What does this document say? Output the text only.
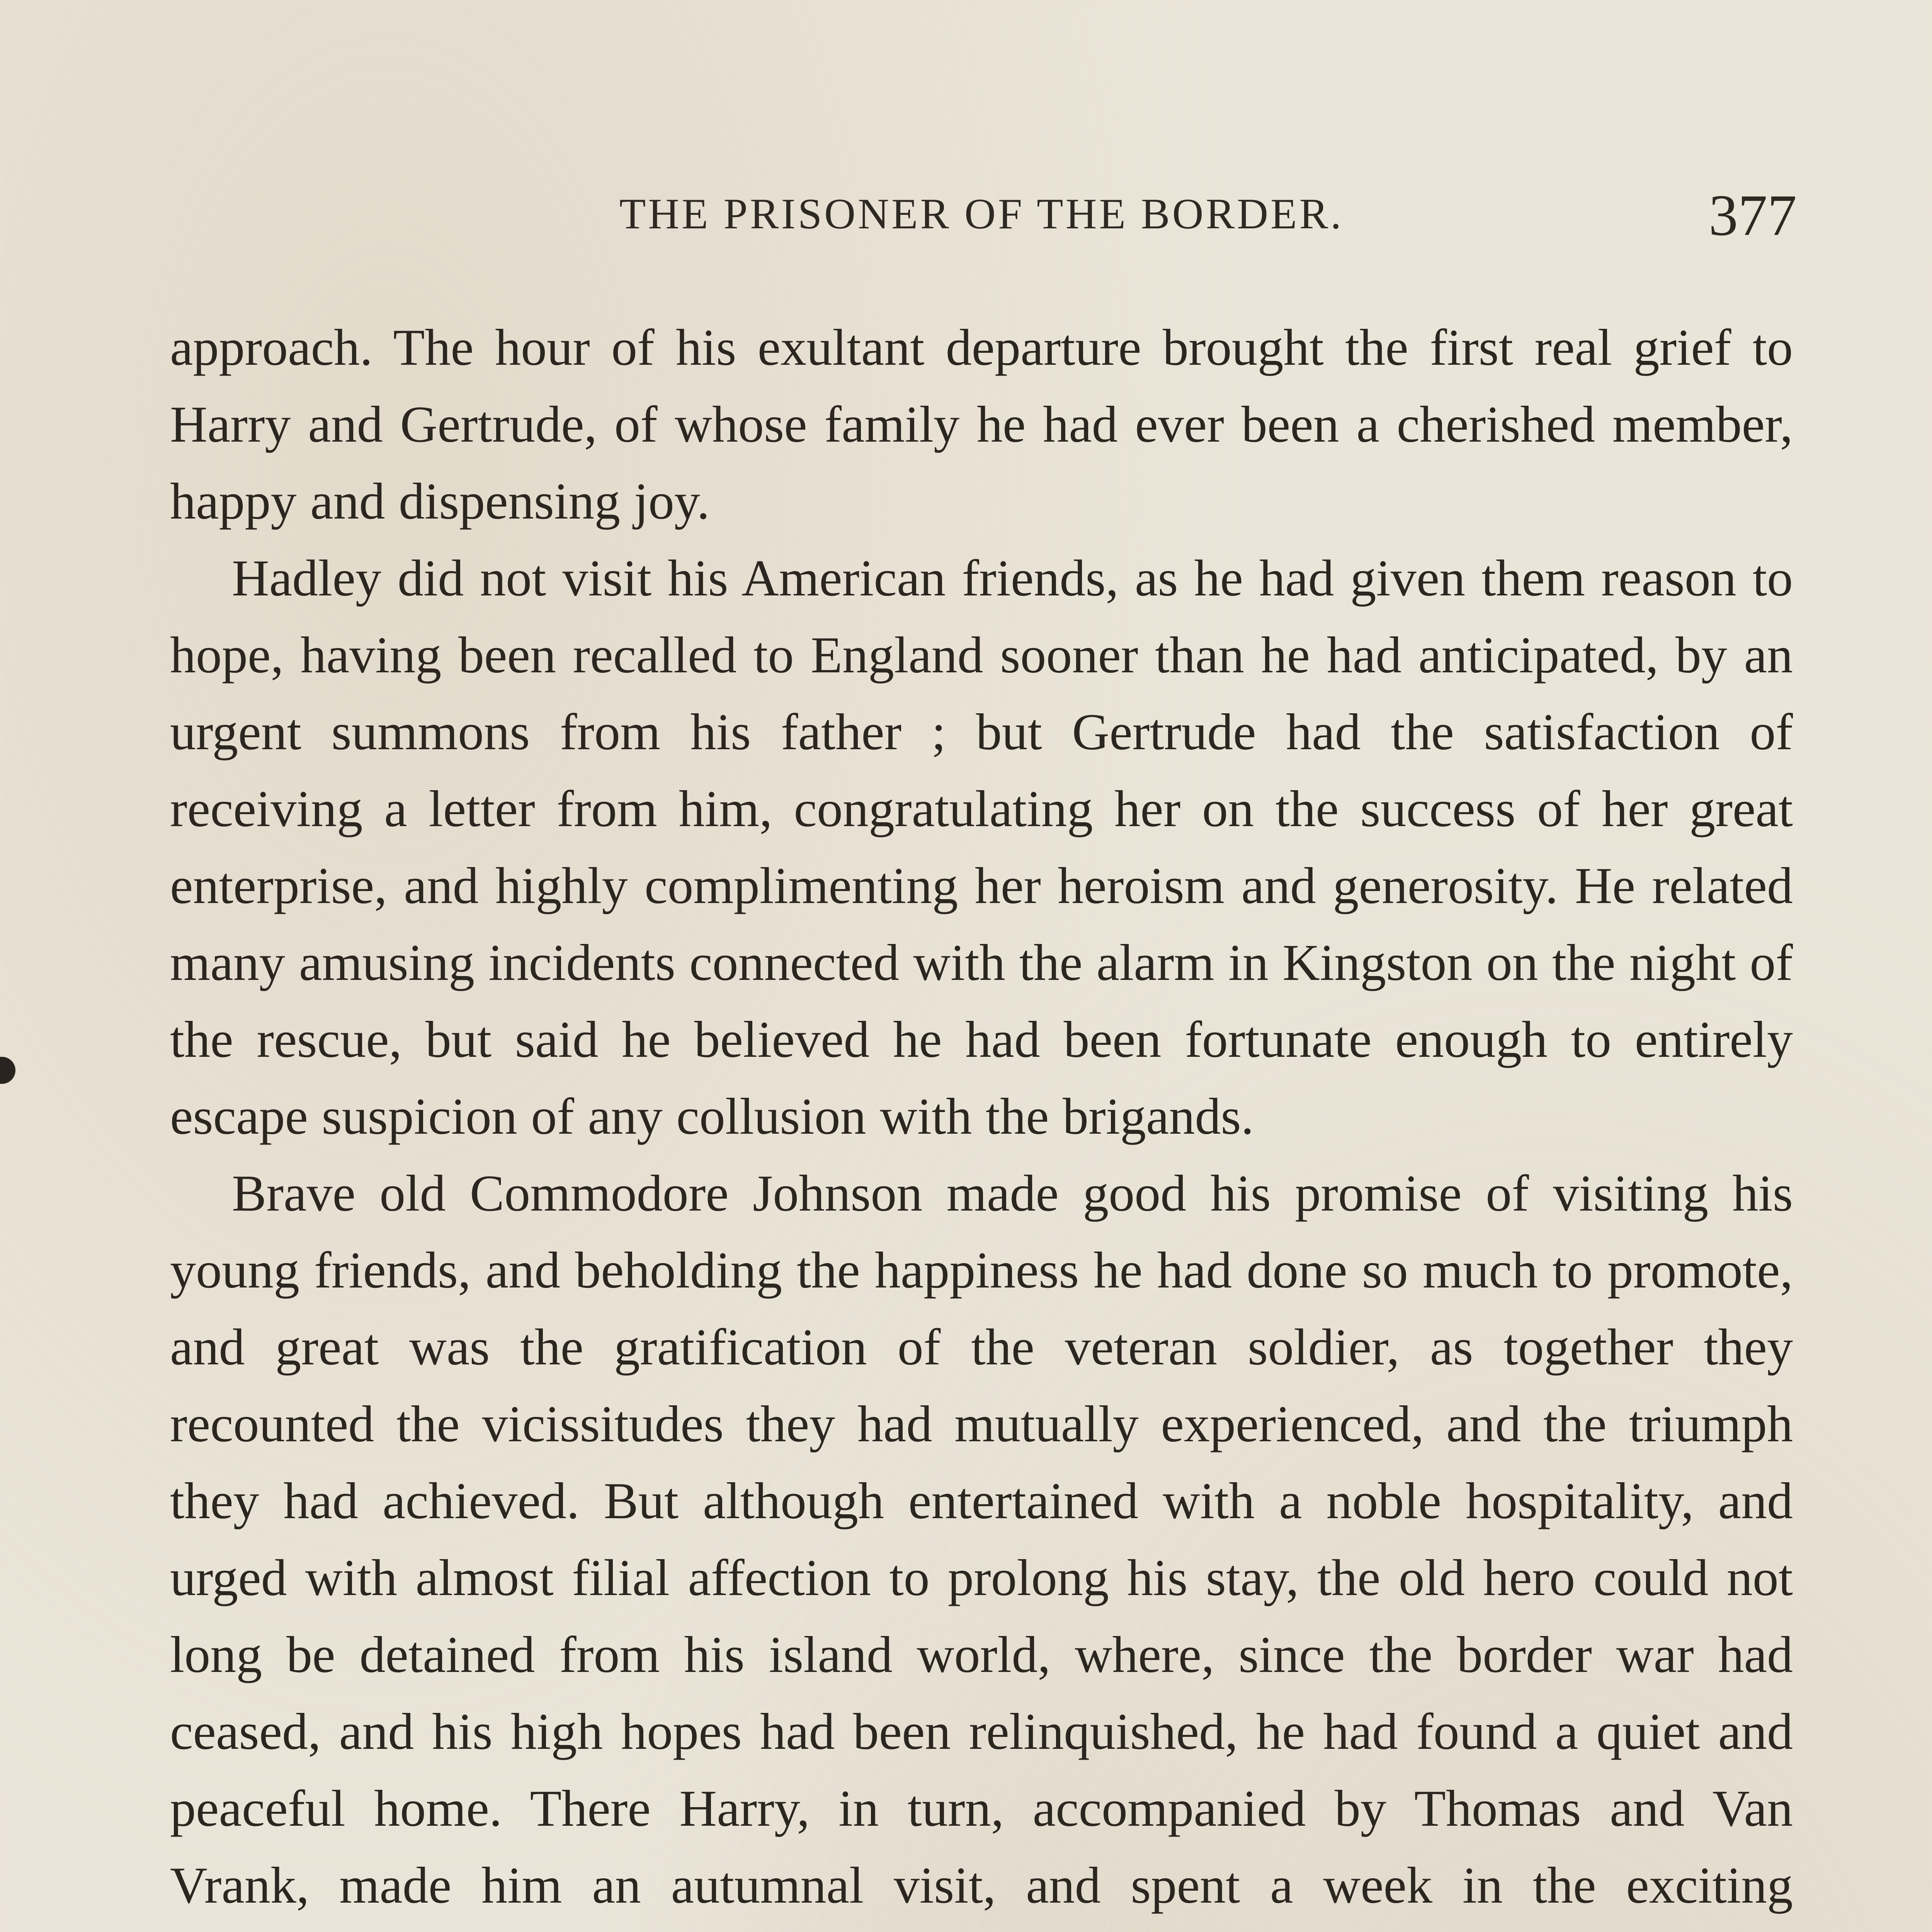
THE PRISONER OF THE BORDER.	377

approach. The hour of his exultant departure brought the first real grief to Harry and Gertrude, of whose family he had ever been a cherished member, happy and dispensing joy.

Hadley did not visit his American friends, as he had given them reason to hope, having been recalled to England sooner than he had anticipated, by an urgent summons from his father ; but Gertrude had the satisfaction of receiving a letter from him, congratulating her on the success of her great enterprise, and highly complimenting her heroism and generosity. He related many amusing incidents connected with the alarm in Kingston on the night of the rescue, but said he believed he had been fortunate enough to entirely escape suspicion of any collusion with the brigands.

Brave old Commodore Johnson made good his promise of visiting his young friends, and beholding the happiness he had done so much to promote, and great was the gratification of the veteran soldier, as together they recounted the vicissitudes they had mutually experienced, and the triumph they had achieved. But although entertained with a noble hospitality, and urged with almost filial affection to prolong his stay, the old hero could not long be detained from his island world, where, since the border war had ceased, and his high hopes had been relinquished, he had found a quiet and peaceful home. There Harry, in turn, accompanied by Thomas and Van Vrank, made him an autumnal visit, and spent a week in the exciting
